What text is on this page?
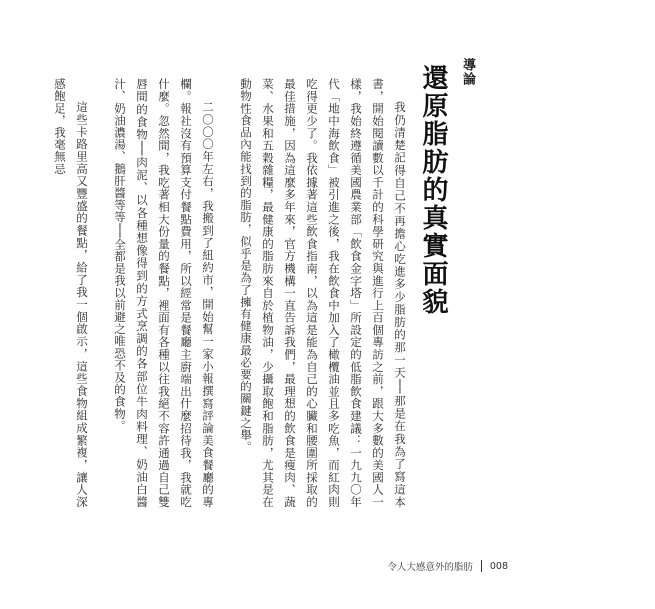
導論
還原脂肪的真實面貌

我仍清楚記得自己不再擔心吃進多少脂肪的那一天──那是在我為了寫這本書，開始閱讀數以千計的科學研究與進行上百個專訪之前，跟大多數的美國人一樣，我始終遵循美國農業部「飲食金字塔」所設定的低脂飲食建議：一九九〇年代「地中海飲食」被引進之後，我在飲食中加入了橄欖油並且多吃魚，而紅肉則吃得更少了。我依據著這些飲食指南，以為這是能為自己的心臟和腰圍所採取的最佳措施，因為這麼多年來，官方機構一直告訴我們，最理想的飲食是瘦肉、蔬菜、水果和五穀雜糧，最健康的脂肪來自於植物油，少攝取飽和脂肪，尤其是在動物性食品內能找到的脂肪，似乎是為了擁有健康最必要的關鍵之舉。

二〇〇〇年左右，我搬到了紐約市，開始幫一家小報撰寫評論美食餐廳的專欄。報社沒有預算支付餐點費用，所以經常是餐廳主廚端出什麼招待我，我就吃什麼。忽然間，我吃著相大份量的餐點，裡面有各種以往我絕不容許通過自己雙唇間的食物──肉泥、以各種想像得到的方式烹調的各部位牛肉料理、奶油白醬汁、奶油濃湯、鵝肝醬等等──全都是我以前避之唯恐不及的食物。

這些卡路里高又豐盛的餐點，給了我一個啟示，這些食物組成繁複，讓人深感飽足，我毫無忌

令人大感意外的脂肪 008
